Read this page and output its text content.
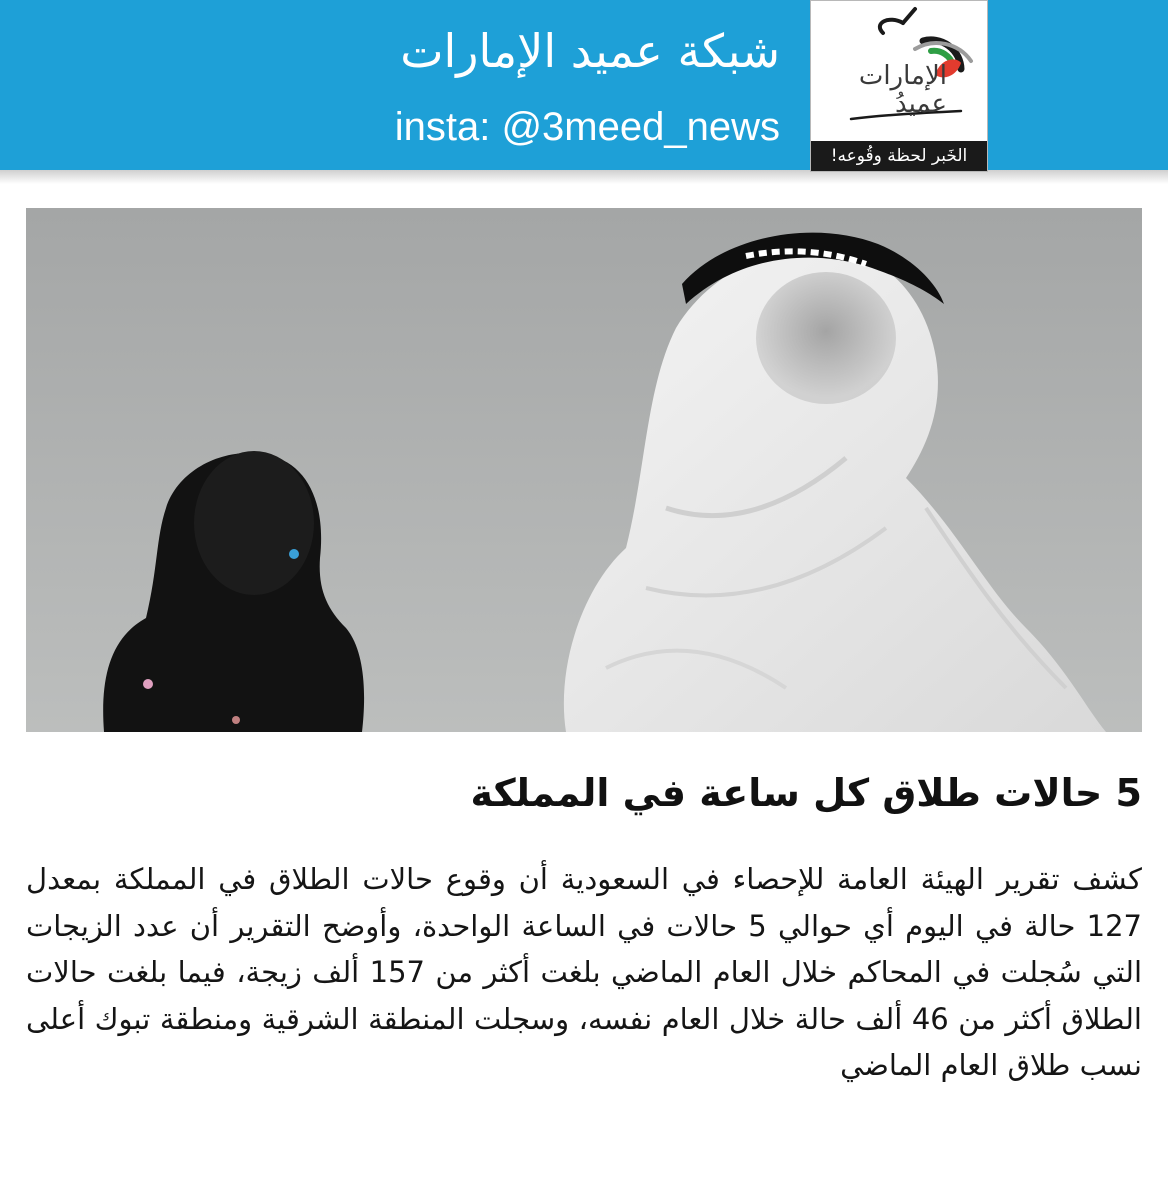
شبكة عميد الإمارات
insta: @3meed_news
الإمارات
عميدُ
الخَبر لحظة وقُوعه!
5 حالات طلاق كل ساعة في المملكة
كشف تقرير الهيئة العامة للإحصاء في السعودية أن وقوع حالات الطلاق في المملكة بمعدل 127 حالة في اليوم أي حوالي 5 حالات في الساعة الواحدة، وأوضح التقرير أن عدد الزيجات التي سُجلت في المحاكم خلال العام الماضي بلغت أكثر من 157 ألف زيجة، فيما بلغت حالات الطلاق أكثر من 46 ألف حالة خلال العام نفسه، وسجلت المنطقة الشرقية ومنطقة تبوك أعلى نسب طلاق العام الماضي
